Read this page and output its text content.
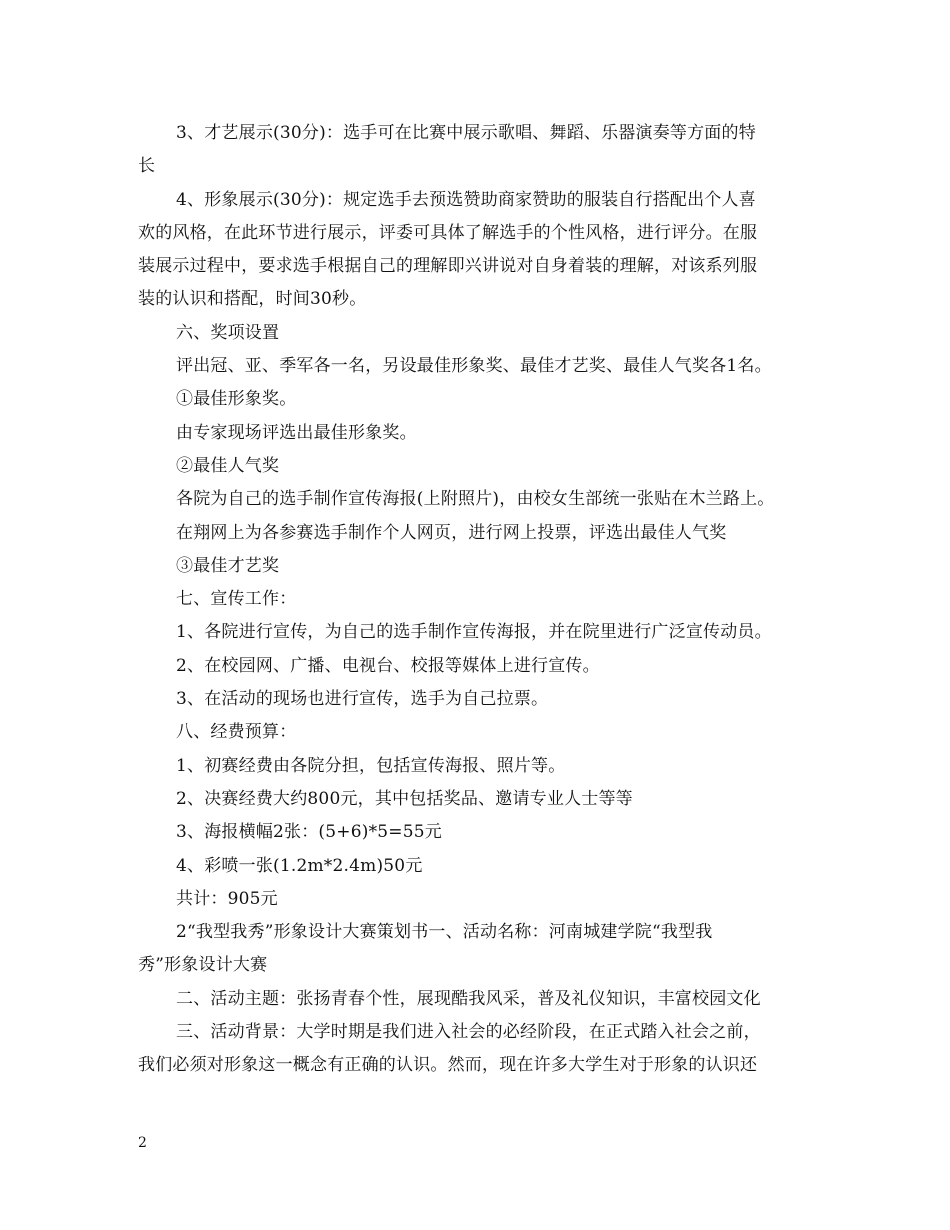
3、才艺展示(30分)：选手可在比赛中展示歌唱、舞蹈、乐器演奏等方面的特
长
4、形象展示(30分)：规定选手去预选赞助商家赞助的服装自行搭配出个人喜
欢的风格，在此环节进行展示，评委可具体了解选手的个性风格，进行评分。在服
装展示过程中，要求选手根据自己的理解即兴讲说对自身着装的理解，对该系列服
装的认识和搭配，时间30秒。
六、奖项设置
评出冠、亚、季军各一名，另设最佳形象奖、最佳才艺奖、最佳人气奖各1名。
①最佳形象奖。
由专家现场评选出最佳形象奖。
②最佳人气奖
各院为自己的选手制作宣传海报(上附照片)，由校女生部统一张贴在木兰路上。
在翔网上为各参赛选手制作个人网页，进行网上投票，评选出最佳人气奖
③最佳才艺奖
七、宣传工作：
1、各院进行宣传，为自己的选手制作宣传海报，并在院里进行广泛宣传动员。
2、在校园网、广播、电视台、校报等媒体上进行宣传。
3、在活动的现场也进行宣传，选手为自己拉票。
八、经费预算：
1、初赛经费由各院分担，包括宣传海报、照片等。
2、决赛经费大约800元，其中包括奖品、邀请专业人士等等
3、海报横幅2张：(5+6)*5=55元
4、彩喷一张(1.2m*2.4m)50元
共计：905元
2“我型我秀”形象设计大赛策划书一、活动名称：河南城建学院“我型我
秀”形象设计大赛
二、活动主题：张扬青春个性，展现酷我风采，普及礼仪知识，丰富校园文化
三、活动背景：大学时期是我们进入社会的必经阶段，在正式踏入社会之前，
我们必须对形象这一概念有正确的认识。然而，现在许多大学生对于形象的认识还
2
